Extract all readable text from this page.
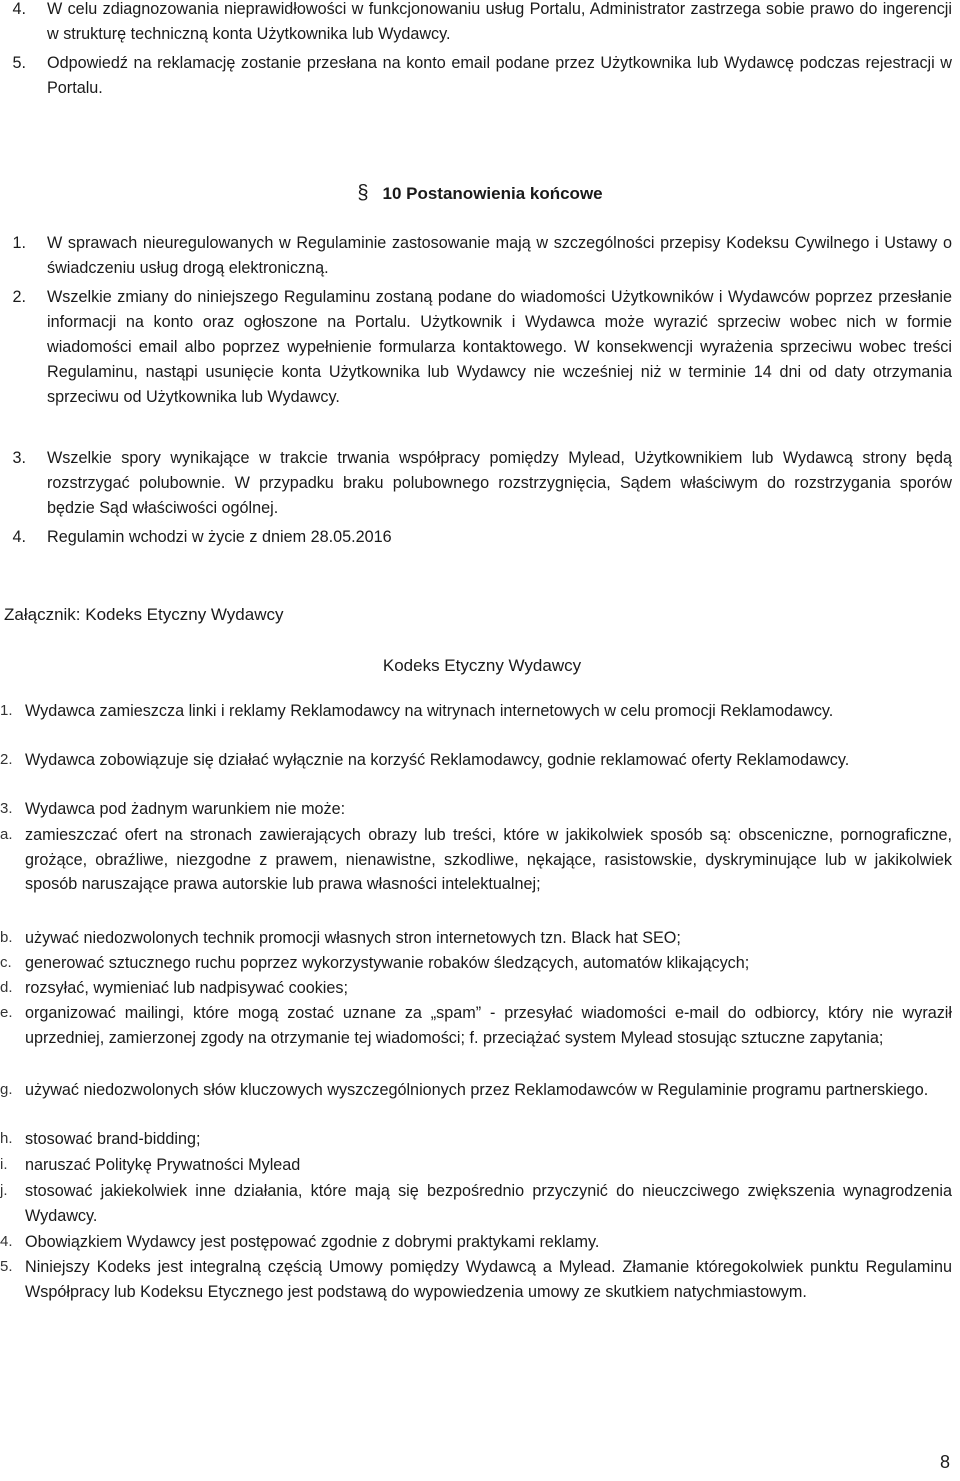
4.	W celu zdiagnozowania nieprawidłowości w funkcjonowaniu usług Portalu, Administrator zastrzega sobie prawo do ingerencji w strukturę techniczną konta Użytkownika lub Wydawcy.
5.	Odpowiedź na reklamację zostanie przesłana na konto email podane przez Użytkownika lub Wydawcę podczas rejestracji w Portalu.
§ 10 Postanowienia końcowe
1.	W sprawach nieuregulowanych w Regulaminie zastosowanie mają w szczególności przepisy Kodeksu Cywilnego i Ustawy o świadczeniu usług drogą elektroniczną.
2.	Wszelkie zmiany do niniejszego Regulaminu zostaną podane do wiadomości Użytkowników i Wydawców poprzez przesłanie informacji na konto oraz ogłoszone na Portalu. Użytkownik i Wydawca może wyrazić sprzeciw wobec nich w formie wiadomości email albo poprzez wypełnienie formularza kontaktowego. W konsekwencji wyrażenia sprzeciwu wobec treści Regulaminu, nastąpi usunięcie konta Użytkownika lub Wydawcy nie wcześniej niż w terminie 14 dni od daty otrzymania sprzeciwu od Użytkownika lub Wydawcy.
3.	Wszelkie spory wynikające w trakcie trwania współpracy pomiędzy Mylead, Użytkownikiem lub Wydawcą strony będą rozstrzygać polubownie. W przypadku braku polubownego rozstrzygnięcia, Sądem właściwym do rozstrzygania sporów będzie Sąd właściwości ogólnej.
4.	Regulamin wchodzi w życie z dniem 28.05.2016
Załącznik: Kodeks Etyczny Wydawcy
Kodeks Etyczny Wydawcy
1. Wydawca zamieszcza linki i reklamy Reklamodawcy na witrynach internetowych w celu promocji Reklamodawcy.
2. Wydawca zobowiązuje się działać wyłącznie na korzyść Reklamodawcy, godnie reklamować oferty Reklamodawcy.
3. Wydawca pod żadnym warunkiem nie może:
a. zamieszczać ofert na stronach zawierających obrazy lub treści, które w jakikolwiek sposób są: obsceniczne, pornograficzne, grożące, obraźliwe, niezgodne z prawem, nienawistne, szkodliwe, nękające, rasistowskie, dyskryminujące lub w jakikolwiek sposób naruszające prawa autorskie lub prawa własności intelektualnej;
b. używać niedozwolonych technik promocji własnych stron internetowych tzn. Black hat SEO;
c. generować sztucznego ruchu poprzez wykorzystywanie robaków śledzących, automatów klikających;
d. rozsyłać, wymieniać lub nadpisywać cookies;
e. organizować mailingi, które mogą zostać uznane za „spam” - przesyłać wiadomości e-mail do odbiorcy, który nie wyraził uprzedniej, zamierzonej zgody na otrzymanie tej wiadomości; f. przeciążać system Mylead stosując sztuczne zapytania;
g. używać niedozwolonych słów kluczowych wyszczególnionych przez Reklamodawców w Regulaminie programu partnerskiego.
h. stosować brand-bidding;
i.	naruszać Politykę Prywatności Mylead
j.	stosować jakiekolwiek inne działania, które mają się bezpośrednio przyczynić do nieuczciwego zwiększenia wynagrodzenia Wydawcy.
4. Obowiązkiem Wydawcy jest postępować zgodnie z dobrymi praktykami reklamy.
5. Niniejszy Kodeks jest integralną częścią Umowy pomiędzy Wydawcą a Mylead. Złamanie któregokolwiek punktu Regulaminu Współpracy lub Kodeksu Etycznego jest podstawą do wypowiedzenia umowy ze skutkiem natychmiastowym.
8
